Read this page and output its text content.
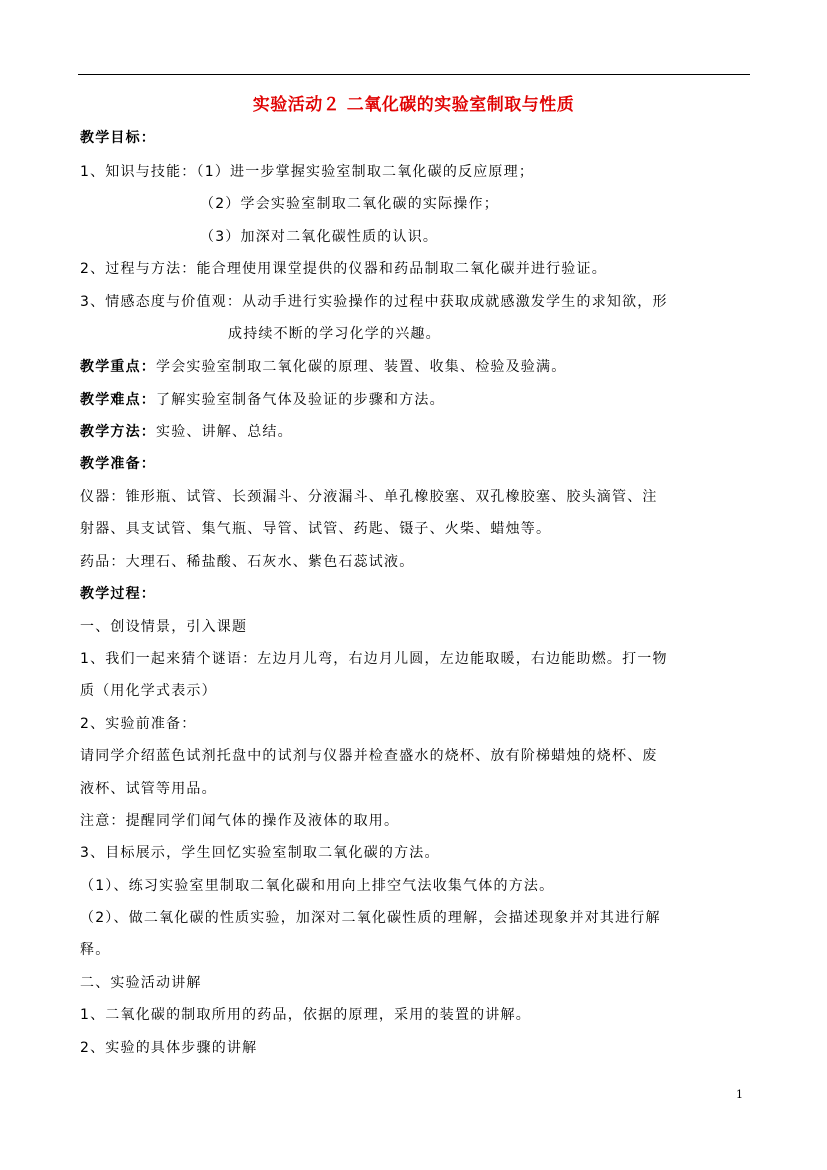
实验活动２ 二氧化碳的实验室制取与性质
教学目标：
1、知识与技能：（1）进一步掌握实验室制取二氧化碳的反应原理；
（2）学会实验室制取二氧化碳的实际操作；
（3）加深对二氧化碳性质的认识。
2、过程与方法：能合理使用课堂提供的仪器和药品制取二氧化碳并进行验证。
3、情感态度与价值观：从动手进行实验操作的过程中获取成就感激发学生的求知欲，形
成持续不断的学习化学的兴趣。
教学重点：学会实验室制取二氧化碳的原理、装置、收集、检验及验满。
教学难点：了解实验室制备气体及验证的步骤和方法。
教学方法：实验、讲解、总结。
教学准备：
仪器：锥形瓶、试管、长颈漏斗、分液漏斗、单孔橡胶塞、双孔橡胶塞、胶头滴管、注
射器、具支试管、集气瓶、导管、试管、药匙、镊子、火柴、蜡烛等。
药品：大理石、稀盐酸、石灰水、紫色石蕊试液。
教学过程：
一、创设情景，引入课题
1、我们一起来猜个谜语：左边月儿弯，右边月儿圆，左边能取暖，右边能助燃。打一物
质（用化学式表示）
2、实验前准备：
请同学介绍蓝色试剂托盘中的试剂与仪器并检查盛水的烧杯、放有阶梯蜡烛的烧杯、废
液杯、试管等用品。
注意：提醒同学们闻气体的操作及液体的取用。
3、目标展示，学生回忆实验室制取二氧化碳的方法。
（1）、练习实验室里制取二氧化碳和用向上排空气法收集气体的方法。
（2）、做二氧化碳的性质实验，加深对二氧化碳性质的理解，会描述现象并对其进行解
释。
二、实验活动讲解
1、二氧化碳的制取所用的药品，依据的原理，采用的装置的讲解。
2、实验的具体步骤的讲解
1
